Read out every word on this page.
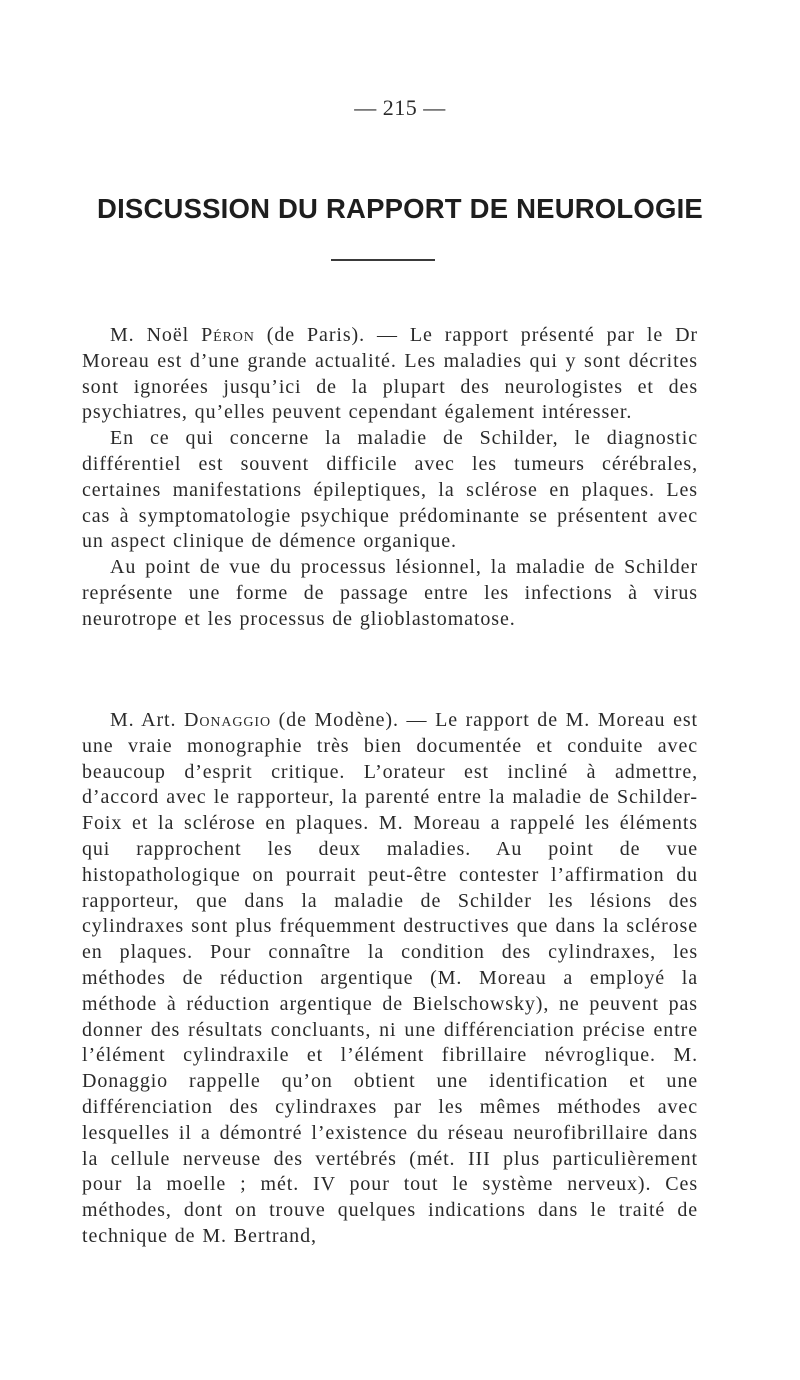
— 215 —
DISCUSSION DU RAPPORT DE NEUROLOGIE

M. Noël Péron (de Paris). — Le rapport présenté par le Dr Moreau est d’une grande actualité. Les maladies qui y sont décrites sont ignorées jusqu’ici de la plupart des neurologistes et des psychiatres, qu’elles peuvent cependant également intéresser.

En ce qui concerne la maladie de Schilder, le diagnostic différentiel est souvent difficile avec les tumeurs cérébrales, certaines manifestations épileptiques, la sclérose en plaques. Les cas à symptomatologie psychique prédominante se présentent avec un aspect clinique de démence organique.

Au point de vue du processus lésionnel, la maladie de Schilder représente une forme de passage entre les infections à virus neurotrope et les processus de glioblastomatose.

M. Art. Donaggio (de Modène). — Le rapport de M. Moreau est une vraie monographie très bien documentée et conduite avec beaucoup d’esprit critique. L’orateur est incliné à admettre, d’accord avec le rapporteur, la parenté entre la maladie de Schilder-Foix et la sclérose en plaques. M. Moreau a rappelé les éléments qui rapprochent les deux maladies. Au point de vue histopathologique on pourrait peut-être contester l’affirmation du rapporteur, que dans la maladie de Schilder les lésions des cylindraxes sont plus fréquemment destructives que dans la sclérose en plaques. Pour connaître la condition des cylindraxes, les méthodes de réduction argentique (M. Moreau a employé la méthode à réduction argentique de Bielschowsky), ne peuvent pas donner des résultats concluants, ni une différenciation précise entre l’élément cylindraxile et l’élément fibrillaire névroglique. M. Donaggio rappelle qu’on obtient une identification et une différenciation des cylindraxes par les mêmes méthodes avec lesquelles il a démontré l’existence du réseau neurofibrillaire dans la cellule nerveuse des vertébrés (mét. III plus particulièrement pour la moelle ; mét. IV pour tout le système nerveux). Ces méthodes, dont on trouve quelques indications dans le traité de technique de M. Bertrand,
